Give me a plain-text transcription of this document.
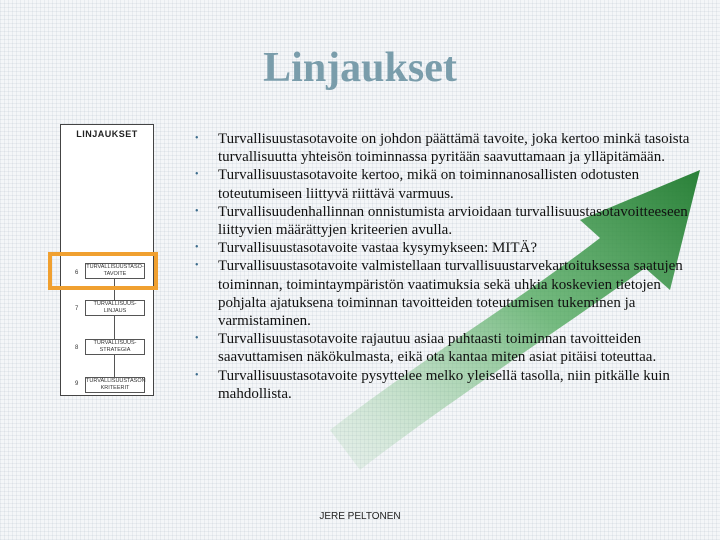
Linjaukset
LINJAUKSET
6
TURVALLISUUSTASO-TAVOITE
7
TURVALLISUUS-LINJAUS
8
TURVALLISUUS-STRATEGIA
9 TURVALLISUUSTASON KRITEERIT
• Turvallisuustasotavoite on johdon päättämä tavoite, joka kertoo minkä tasoista turvallisuutta yhteisön toiminnassa pyritään saavuttamaan ja ylläpitämään.
• Turvallisuustasotavoite kertoo, mikä on toiminnanosallisten odotusten toteutumiseen liittyvä riittävä varmuus.
• Turvallisuudenhallinnan onnistumista arvioidaan turvallisuustasotavoitteeseen liittyvien määrättyjen kriteerien avulla.
• Turvallisuustasotavoite vastaa kysymykseen: MITÄ?
• Turvallisuustasotavoite valmistellaan turvallisuustarvekartoituksessa saatujen toiminnan, toimintaympäristön vaatimuksia sekä uhkia koskevien tietojen pohjalta ajatuksena toiminnan tavoitteiden toteutumisen tukeminen ja varmistaminen.
• Turvallisuustasotavoite rajautuu asiaa puhtaasti toiminnan tavoitteiden saavuttamisen näkökulmasta, eikä ota kantaa miten asiat pitäisi toteuttaa.
• Turvallisuustasotavoite pysyttelee melko yleisellä tasolla, niin pitkälle kuin mahdollista.
JERE PELTONEN
